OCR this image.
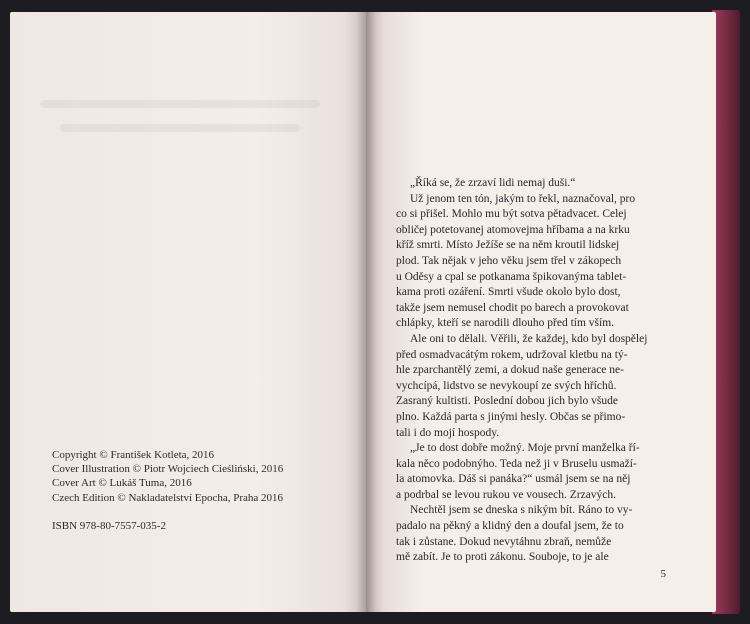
Copyright © František Kotleta, 2016
Cover Illustration © Piotr Wojciech Cieśliński, 2016
Cover Art © Lukáš Tuma, 2016
Czech Edition © Nakladatelství Epocha, Praha 2016
ISBN 978-80-7557-035-2
„Říká se, že zrzaví lidi nemaj duši.“
Už jenom ten tón, jakým to řekl, naznačoval, pro
co si přišel. Mohlo mu být sotva pětadvacet. Celej
obličej potetovanej atomovejma hříbama a na krku
kříž smrti. Místo Ježíše se na něm kroutil lidskej
plod. Tak nějak v jeho věku jsem třel v zákopech
u Oděsy a cpal se potkanama špikovanýma tablet-
kama proti ozáření. Smrti všude okolo bylo dost,
takže jsem nemusel chodit po barech a provokovat
chlápky, kteří se narodili dlouho před tím vším.
Ale oni to dělali. Věřili, že každej, kdo byl dospělej
před osmadvacátým rokem, udržoval kletbu na tý-
hle zparchantělý zemi, a dokud naše generace ne-
vychcípá, lidstvo se nevykoupí ze svých hříchů.
Zasraný kultisti. Poslední dobou jich bylo všude
plno. Každá parta s jinými hesly. Občas se přimo-
tali i do mojí hospody.
„Je to dost dobře možný. Moje první manželka ří-
kala něco podobnýho. Teda než ji v Bruselu usmaží-
la atomovka. Dáš si panáka?“ usmál jsem se na něj
a podrbal se levou rukou ve vousech. Zrzavých.
Nechtěl jsem se dneska s nikým bít. Ráno to vy-
padalo na pěkný a klidný den a doufal jsem, že to
tak i zůstane. Dokud nevytáhnu zbraň, nemůže
mě zabít. Je to proti zákonu. Souboje, to je ale
5
